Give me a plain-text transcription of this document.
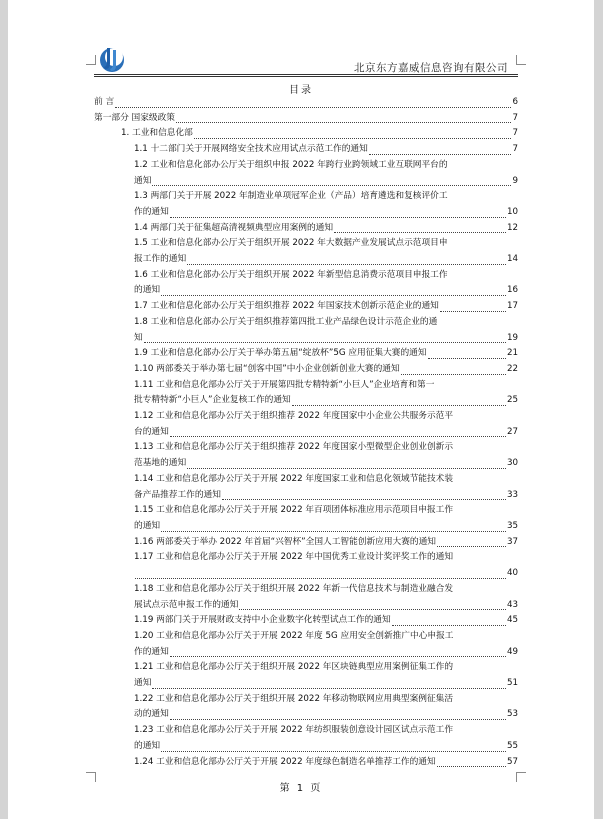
北京东方嘉威信息咨询有限公司
目录
前 言	6
第一部分 国家级政策	7
1. 工业和信息化部	7
1.1 十二部门关于开展网络安全技术应用试点示范工作的通知	7
1.2 工业和信息化部办公厅关于组织申报 2022 年跨行业跨领域工业互联网平台的
通知	9
1.3 两部门关于开展 2022 年制造业单项冠军企业（产品）培育遴选和复核评价工
作的通知	10
1.4 两部门关于征集超高清视频典型应用案例的通知	12
1.5 工业和信息化部办公厅关于组织开展 2022 年大数据产业发展试点示范项目申
报工作的通知	14
1.6 工业和信息化部办公厅关于组织开展 2022 年新型信息消费示范项目申报工作
的通知	16
1.7 工业和信息化部办公厅关于组织推荐 2022 年国家技术创新示范企业的通知	17
1.8 工业和信息化部办公厅关于组织推荐第四批工业产品绿色设计示范企业的通
知	19
1.9 工业和信息化部办公厅关于举办第五届“绽放杯”5G 应用征集大赛的通知	21
1.10 两部委关于举办第七届“创客中国”中小企业创新创业大赛的通知	22
1.11 工业和信息化部办公厅关于开展第四批专精特新“小巨人”企业培育和第一
批专精特新“小巨人”企业复核工作的通知	25
1.12 工业和信息化部办公厅关于组织推荐 2022 年度国家中小企业公共服务示范平
台的通知	27
1.13 工业和信息化部办公厅关于组织推荐 2022 年度国家小型微型企业创业创新示
范基地的通知	30
1.14 工业和信息化部办公厅关于开展 2022 年度国家工业和信息化领域节能技术装
备产品推荐工作的通知	33
1.15 工业和信息化部办公厅关于开展 2022 年百项团体标准应用示范项目申报工作
的通知	35
1.16 两部委关于举办 2022 年首届“兴智杯”全国人工智能创新应用大赛的通知	37
1.17 工业和信息化部办公厅关于开展 2022 年中国优秀工业设计奖评奖工作的通知
40
1.18 工业和信息化部办公厅关于组织开展 2022 年新一代信息技术与制造业融合发
展试点示范申报工作的通知	43
1.19 两部门关于开展财政支持中小企业数字化转型试点工作的通知	45
1.20 工业和信息化部办公厅关于开展 2022 年度 5G 应用安全创新推广中心申报工
作的通知	49
1.21 工业和信息化部办公厅关于组织开展 2022 年区块链典型应用案例征集工作的
通知	51
1.22 工业和信息化部办公厅关于组织开展 2022 年移动物联网应用典型案例征集活
动的通知	53
1.23 工业和信息化部办公厅关于开展 2022 年纺织服装创意设计园区试点示范工作
的通知	55
1.24 工业和信息化部办公厅关于开展 2022 年度绿色制造名单推荐工作的通知	57
第 1 页
